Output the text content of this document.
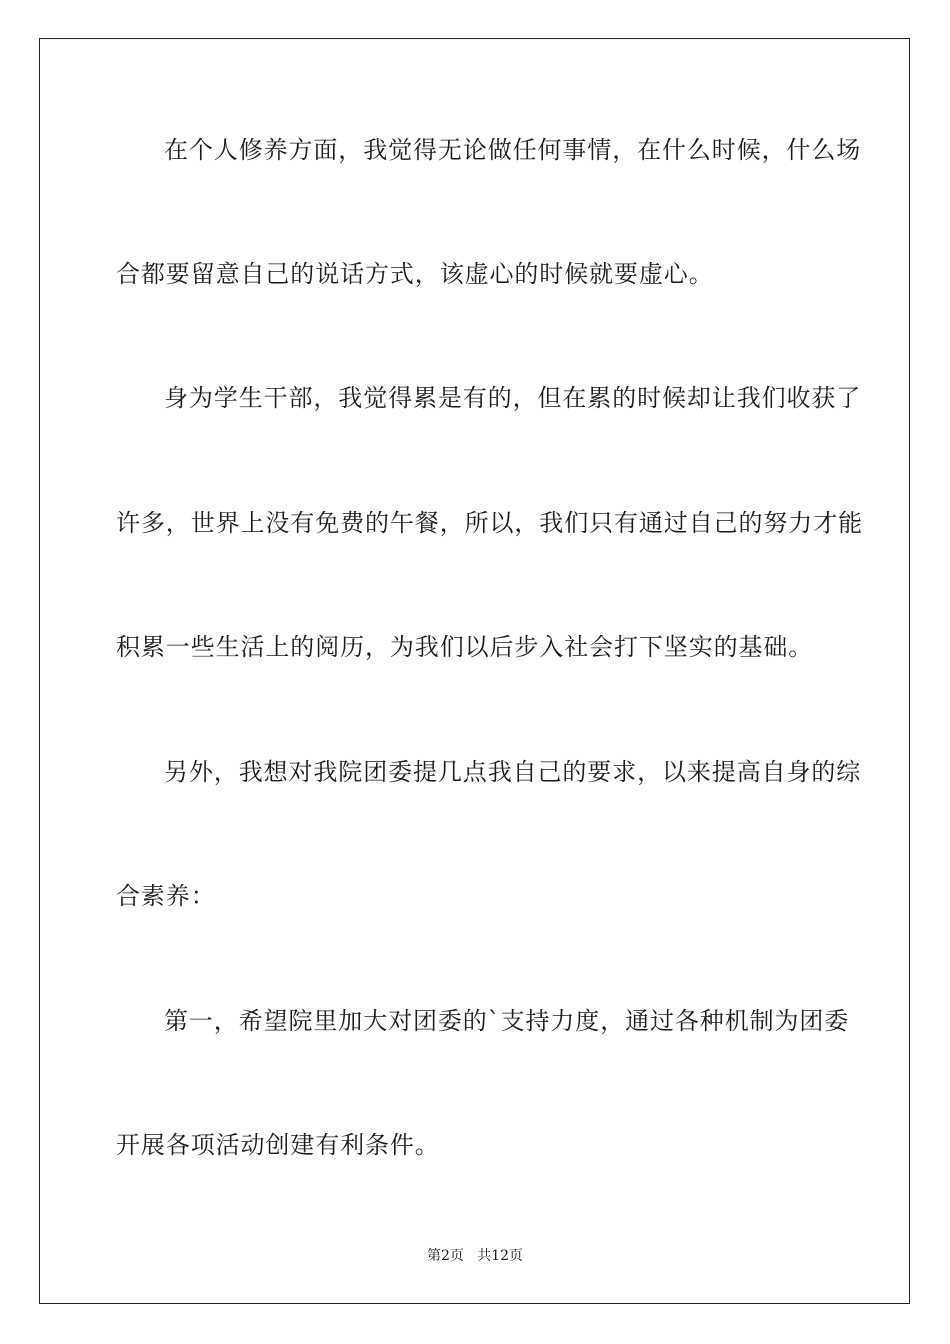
在个人修养方面，我觉得无论做任何事情，在什么时候，什么场
合都要留意自己的说话方式，该虚心的时候就要虚心。
身为学生干部，我觉得累是有的，但在累的时候却让我们收获了
许多，世界上没有免费的午餐，所以，我们只有通过自己的努力才能
积累一些生活上的阅历，为我们以后步入社会打下坚实的基础。
另外，我想对我院团委提几点我自己的要求，以来提高自身的综
合素养：
第一，希望院里加大对团委的`支持力度，通过各种机制为团委
开展各项活动创建有利条件。
第2页   共12页
